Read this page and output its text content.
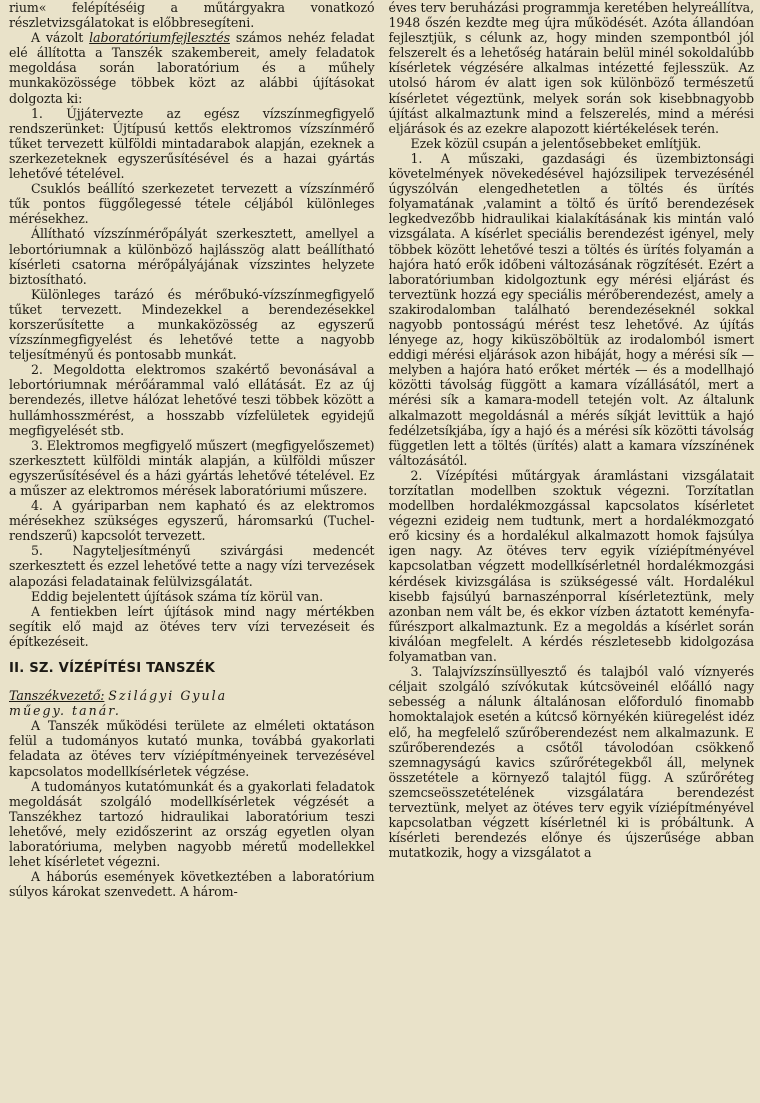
rium« felépítéséig a műtárgyakra vonatkozó részletvizsgálatokat is előbbresegíteni.

A vázolt laboratóriumfejlesztés számos nehéz feladat elé állította a Tanszék szakembereit, amely feladatok megoldása során laboratórium és a műhely munkaközössége többek közt az alábbi újításokat dolgozta ki:

1. Újjátervezte az egész vízszínmegfigyelő rendszerünket: Újtípusú kettős elektromos vízszínmérő tűket tervezett külföldi mintadarabok alapján, ezeknek a szerkezeteknek egyszerűsítésével és a hazai gyártás lehetővé tételével.

Csuklós beállító szerkezetet tervezett a vízszínmérő tűk pontos függőlegessé tétele céljából különleges mérésekhez.

Állítható vízszínmérőpályát szerkesztett, amellyel a lebortóriumnak a különböző hajlásszög alatt beállítható kísérleti csatorna mérőpályájának vízszintes helyzete biztosítható.

Különleges tarázó és mérőbukó-vízszínmegfigyelő tűket tervezett. Mindezekkel a berendezésekkel korszerűsítette a munkaközösség az egyszerű vízszínmegfigyelést és lehetővé tette a nagyobb teljesítményű és pontosabb munkát.

2. Megoldotta elektromos szakértő bevonásával a lebortóriumnak mérőárammal való ellátását. Ez az új berendezés, illetve hálózat lehetővé teszi többek között a hullámhosszmérést, a hosszabb vízfelületek egyidejű megfigyelését stb.

3. Elektromos megfigyelő műszert (megfigyelőszemet) szerkesztett külföldi minták alapján, a külföldi műszer egyszerűsítésével és a házi gyártás lehetővé tételével. Ez a műszer az elektromos mérések laboratóriumi műszere.

4. A gyáriparban nem kapható és az elektromos mérésekhez szükséges egyszerű, háromsarkú (Tuchel-rendszerű) kapcsolót tervezett.

5. Nagyteljesítményű szivárgási medencét szerkesztett és ezzel lehetővé tette a nagy vízi tervezések alapozási feladatainak felülvizsgálatát.

Eddig bejelentett újítások száma tíz körül van.

A fentiekben leírt újítások mind nagy mértékben segítik elő majd az ötéves terv vízi tervezéseit és építkezéseit.

II. SZ. VÍZÉPÍTÉSI TANSZÉK

Tanszékvezető: Szilágyi Gyula

műegy. tanár.

A Tanszék működési területe az elméleti oktatáson felül a tudományos kutató munka, továbbá gyakorlati feladata az ötéves terv víziépítményeinek tervezésével kapcsolatos modellkísérletek végzése.

A tudományos kutatómunkát és a gyakorlati feladatok megoldását szolgáló modellkísérletek végzését a Tanszékhez tartozó hidraulikai laboratórium teszi lehetővé, mely ezidőszerint az ország egyetlen olyan laboratóriuma, melyben nagyobb méretű modellekkel lehet kísérletet végezni.

A háborús események következtében a laboratórium súlyos károkat szenvedett. A három-

éves terv beruházási programmja keretében helyreállítva, 1948 őszén kezdte meg újra működését. Azóta állandóan fejlesztjük, s célunk az, hogy minden szempontból jól felszerelt és a lehetőség határain belül minél sokoldalúbb kísérletek végzésére alkalmas intézetté fejlesszük. Az utolsó három év alatt igen sok különböző természetű kísérletet végeztünk, melyek során sok kisebbnagyobb újítást alkalmaztunk mind a felszerelés, mind a mérési eljárások és az ezekre alapozott kiértékelések terén.

Ezek közül csupán a jelentősebbeket említjük.

1. A műszaki, gazdasági és üzembiztonsági követelmények növekedésével hajózsilipek tervezésénél úgyszólván elengedhetetlen a töltés és ürítés folyamatának ,valamint a töltő és ürítő berendezések legkedvezőbb hidraulikai kialakításának kis mintán való vizsgálata. A kísérlet speciális berendezést igényel, mely többek között lehetővé teszi a töltés és ürítés folyamán a hajóra ható erők időbeni változásának rögzítését. Ezért a laboratóriumban kidolgoztunk egy mérési eljárást és terveztünk hozzá egy speciális mérőberendezést, amely a szakirodalomban található berendezéseknél sokkal nagyobb pontosságú mérést tesz lehetővé. Az újítás lényege az, hogy kiküszöböltük az irodalomból ismert eddigi mérési eljárások azon hibáját, hogy a mérési sík — melyben a hajóra ható erőket mérték — és a modellhajó közötti távolság függött a kamara vízállásától, mert a mérési sík a kamara-modell tetején volt. Az általunk alkalmazott megoldásnál a mérés síkját levittük a hajó fedélzetsíkjába, így a hajó és a mérési sík közötti távolság független lett a töltés (ürítés) alatt a kamara vízszínének változásától.

2. Vízépítési műtárgyak áramlástani vizsgálatait torzítatlan modellben szoktuk végezni. Torzítatlan modellben hordalékmozgással kapcsolatos kísérletet végezni ezideig nem tudtunk, mert a hordalékmozgató erő kicsiny és a hordalékul alkalmazott homok fajsúlya igen nagy. Az ötéves terv egyik víziépítményével kapcsolatban végzett modellkísérletnél hordalékmozgási kérdések kivizsgálása is szükségessé vált. Hordalékul kisebb fajsúlyú barnaszénporral kísérleteztünk, mely azonban nem vált be, és ekkor vízben áztatott keményfa-fűrészport alkalmaztunk. Ez a megoldás a kísérlet során kiválóan megfelelt. A kérdés részletesebb kidolgozása folyamatban van.

3. Talajvízszínsüllyesztő és talajból való víznyerés céljait szolgáló szívókutak kútcsöveinél előálló nagy sebesség a nálunk általánosan előforduló finomabb homoktalajok esetén a kútcső környékén kiüregelést idéz elő, ha megfelelő szűrőberendezést nem alkalmazunk. E szűrőberendezés a csőtől távolodóan csökkenő szemnagyságú kavics szűrőrétegekből áll, melynek összetétele a környező talajtól függ. A szűrőréteg szemcseösszetételének vizsgálatára berendezést terveztünk, melyet az ötéves terv egyik víziépítményével kapcsolatban végzett kísérletnél ki is próbáltunk. A kísérleti berendezés előnye és újszerűsége abban mutatkozik, hogy a vizsgálatot a
